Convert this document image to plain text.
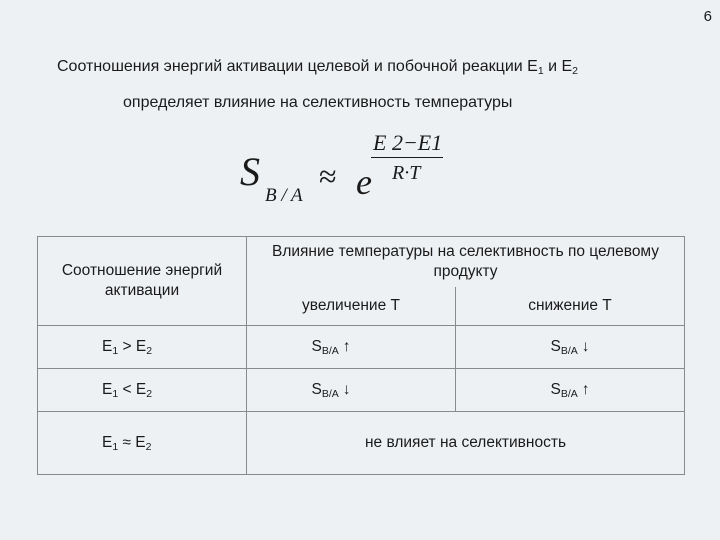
6
Соотношения энергий активации целевой и побочной реакции $E_1$ и $E_2$
определяет влияние на селективность температуры
S
B / A
≈ e
E 2−E1
R·T
Соотношение энергий активации	Влияние температуры на селективность по целевому продукту	
	увеличение Т	снижение Т
$E_1 > E_2$	$S_{B/A}$ ↑	$S_{B/A}$ ↓
$E_1 < E_2$	$S_{B/A}$ ↓	$S_{B/A}$ ↑
$E_1 \approx E_2$	не влияет на селективность	
